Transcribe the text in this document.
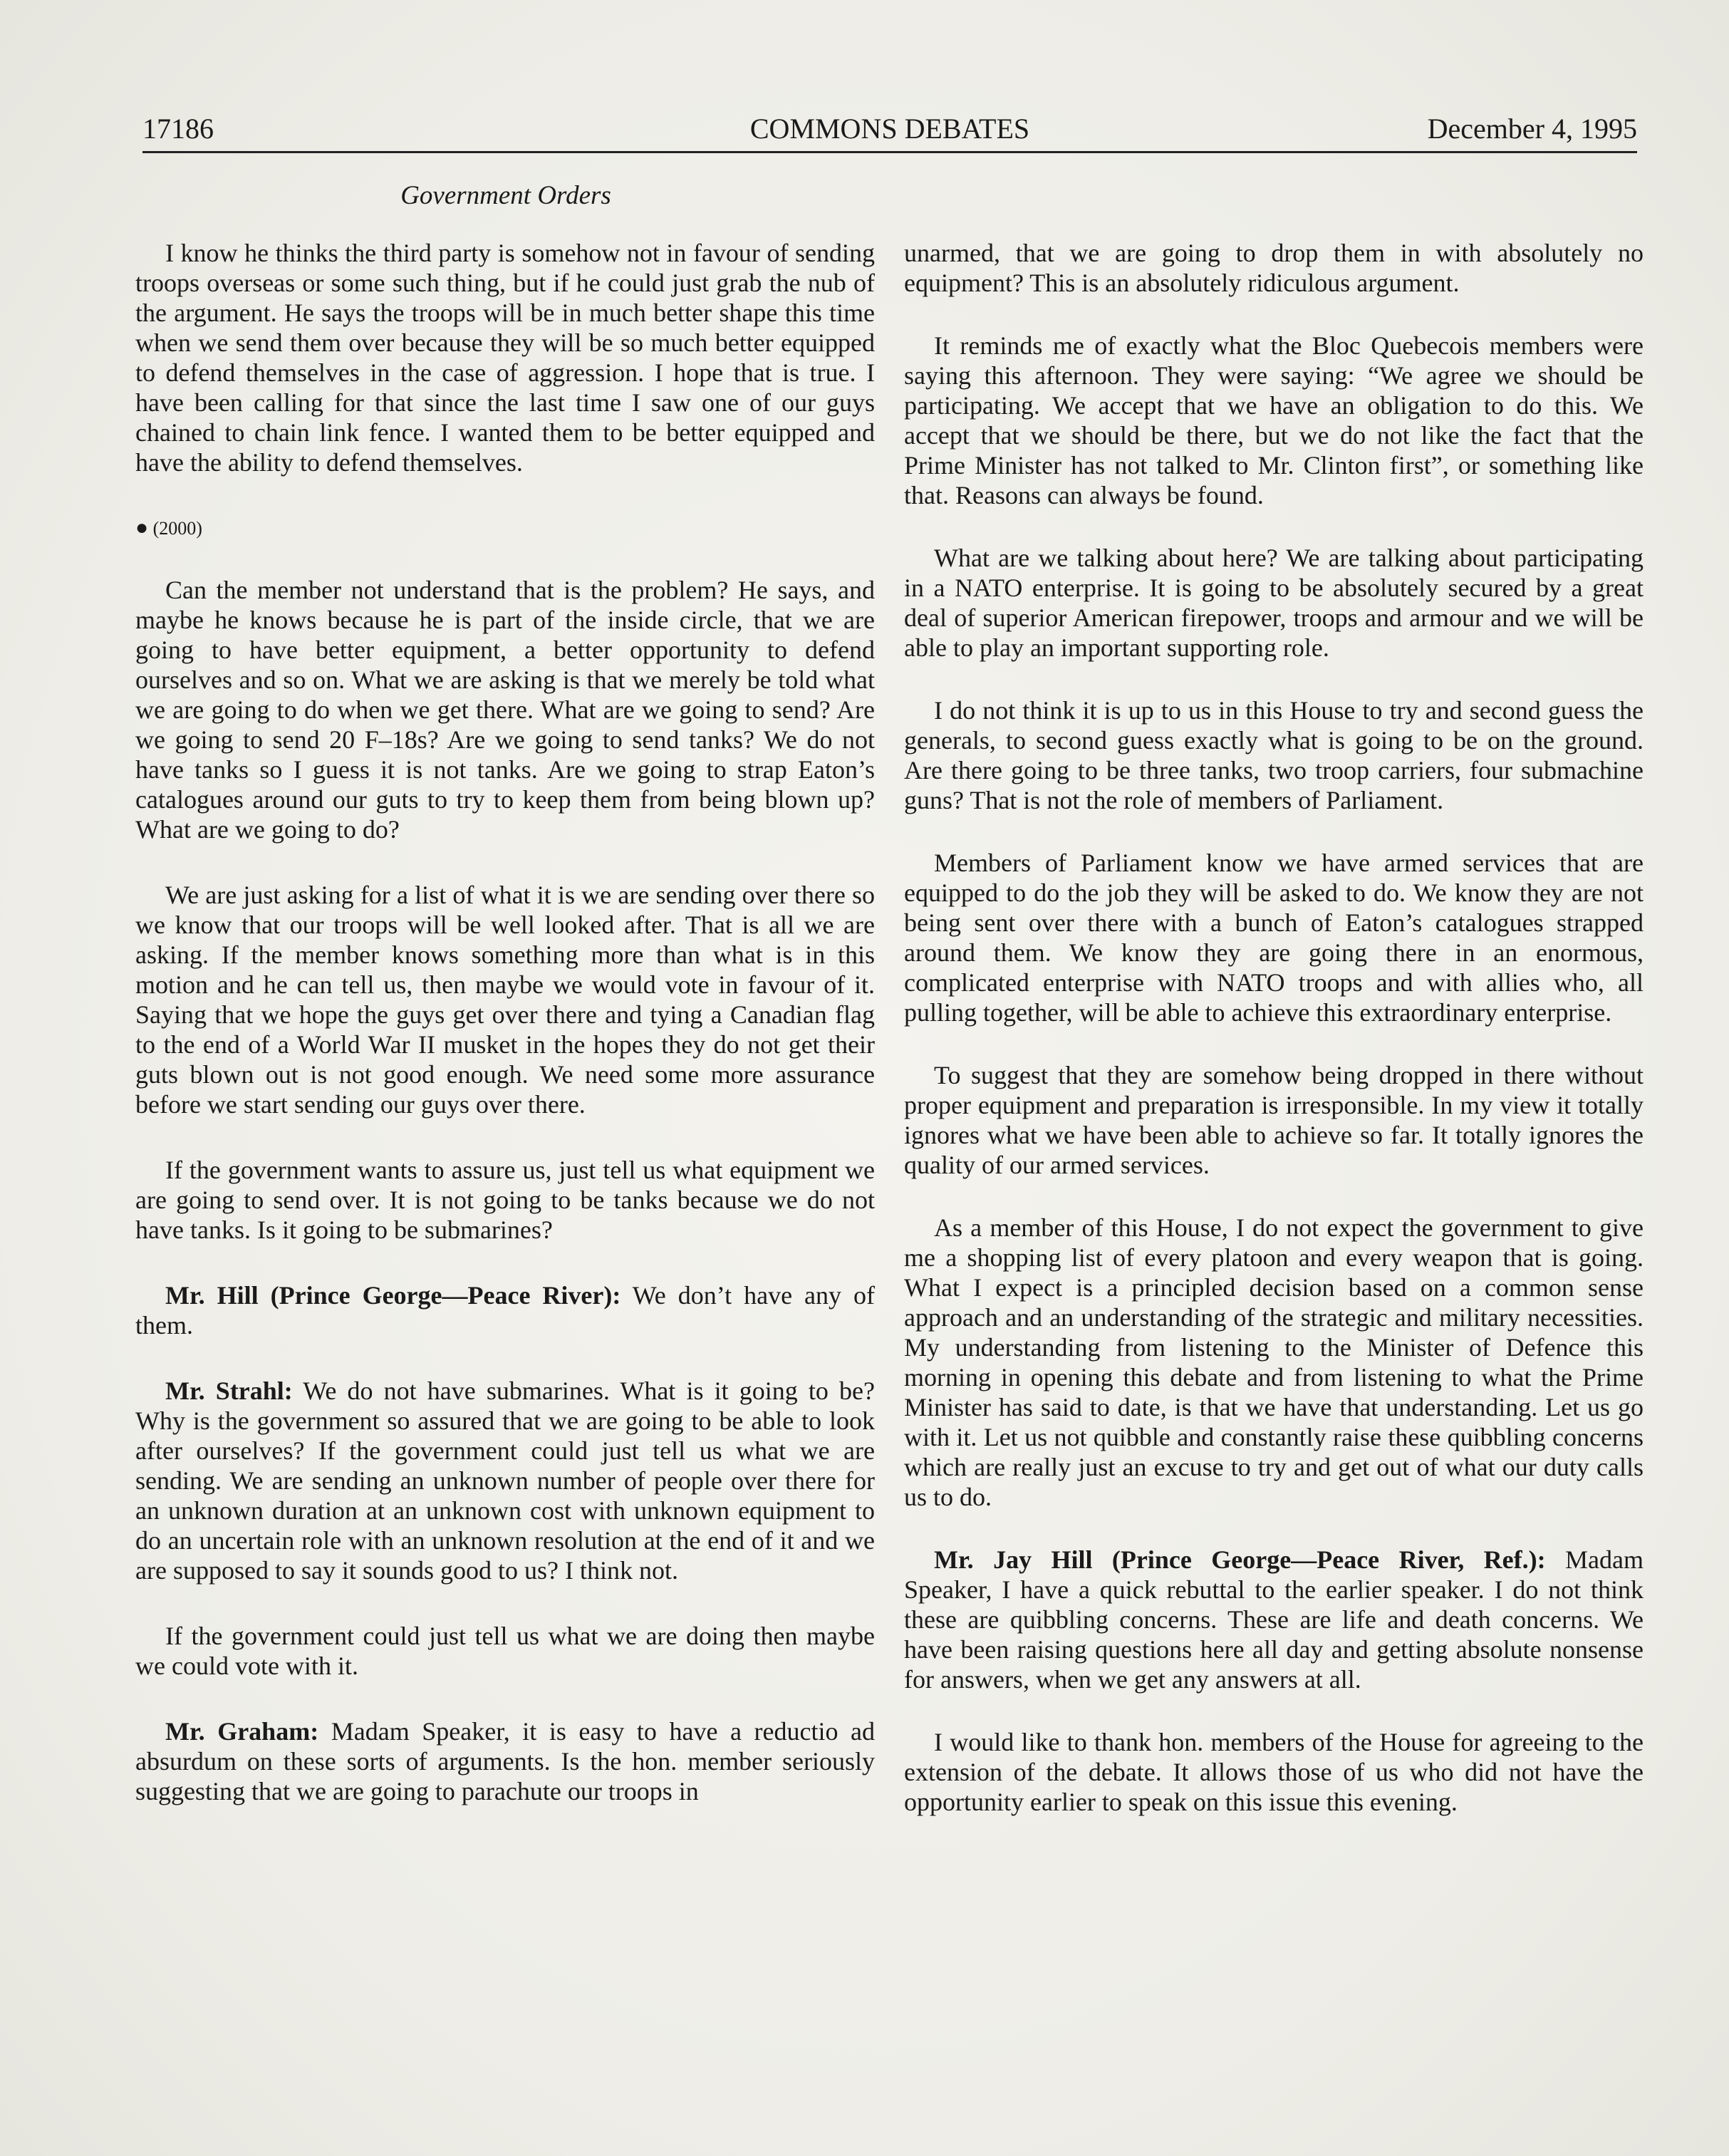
17186	COMMONS DEBATES	December 4, 1995
Government Orders

I know he thinks the third party is somehow not in favour of sending troops overseas or some such thing, but if he could just grab the nub of the argument. He says the troops will be in much better shape this time when we send them over because they will be so much better equipped to defend themselves in the case of aggression. I hope that is true. I have been calling for that since the last time I saw one of our guys chained to chain link fence. I wanted them to be better equipped and have the ability to defend themselves.

● (2000)

Can the member not understand that is the problem? He says, and maybe he knows because he is part of the inside circle, that we are going to have better equipment, a better opportunity to defend ourselves and so on. What we are asking is that we merely be told what we are going to do when we get there. What are we going to send? Are we going to send 20 F–18s? Are we going to send tanks? We do not have tanks so I guess it is not tanks. Are we going to strap Eaton’s catalogues around our guts to try to keep them from being blown up? What are we going to do?

We are just asking for a list of what it is we are sending over there so we know that our troops will be well looked after. That is all we are asking. If the member knows something more than what is in this motion and he can tell us, then maybe we would vote in favour of it. Saying that we hope the guys get over there and tying a Canadian flag to the end of a World War II musket in the hopes they do not get their guts blown out is not good enough. We need some more assurance before we start sending our guys over there.

If the government wants to assure us, just tell us what equipment we are going to send over. It is not going to be tanks because we do not have tanks. Is it going to be submarines?

Mr. Hill (Prince George—Peace River): We don’t have any of them.

Mr. Strahl: We do not have submarines. What is it going to be? Why is the government so assured that we are going to be able to look after ourselves? If the government could just tell us what we are sending. We are sending an unknown number of people over there for an unknown duration at an unknown cost with unknown equipment to do an uncertain role with an unknown resolution at the end of it and we are supposed to say it sounds good to us? I think not.

If the government could just tell us what we are doing then maybe we could vote with it.

Mr. Graham: Madam Speaker, it is easy to have a reductio ad absurdum on these sorts of arguments. Is the hon. member seriously suggesting that we are going to parachute our troops in

unarmed, that we are going to drop them in with absolutely no equipment? This is an absolutely ridiculous argument.

It reminds me of exactly what the Bloc Quebecois members were saying this afternoon. They were saying: “We agree we should be participating. We accept that we have an obligation to do this. We accept that we should be there, but we do not like the fact that the Prime Minister has not talked to Mr. Clinton first”, or something like that. Reasons can always be found.

What are we talking about here? We are talking about participating in a NATO enterprise. It is going to be absolutely secured by a great deal of superior American firepower, troops and armour and we will be able to play an important supporting role.

I do not think it is up to us in this House to try and second guess the generals, to second guess exactly what is going to be on the ground. Are there going to be three tanks, two troop carriers, four submachine guns? That is not the role of members of Parliament.

Members of Parliament know we have armed services that are equipped to do the job they will be asked to do. We know they are not being sent over there with a bunch of Eaton’s catalogues strapped around them. We know they are going there in an enormous, complicated enterprise with NATO troops and with allies who, all pulling together, will be able to achieve this extraordinary enterprise.

To suggest that they are somehow being dropped in there without proper equipment and preparation is irresponsible. In my view it totally ignores what we have been able to achieve so far. It totally ignores the quality of our armed services.

As a member of this House, I do not expect the government to give me a shopping list of every platoon and every weapon that is going. What I expect is a principled decision based on a common sense approach and an understanding of the strategic and military necessities. My understanding from listening to the Minister of Defence this morning in opening this debate and from listening to what the Prime Minister has said to date, is that we have that understanding. Let us go with it. Let us not quibble and constantly raise these quibbling concerns which are really just an excuse to try and get out of what our duty calls us to do.

Mr. Jay Hill (Prince George—Peace River, Ref.): Madam Speaker, I have a quick rebuttal to the earlier speaker. I do not think these are quibbling concerns. These are life and death concerns. We have been raising questions here all day and getting absolute nonsense for answers, when we get any answers at all.

I would like to thank hon. members of the House for agreeing to the extension of the debate. It allows those of us who did not have the opportunity earlier to speak on this issue this evening.
